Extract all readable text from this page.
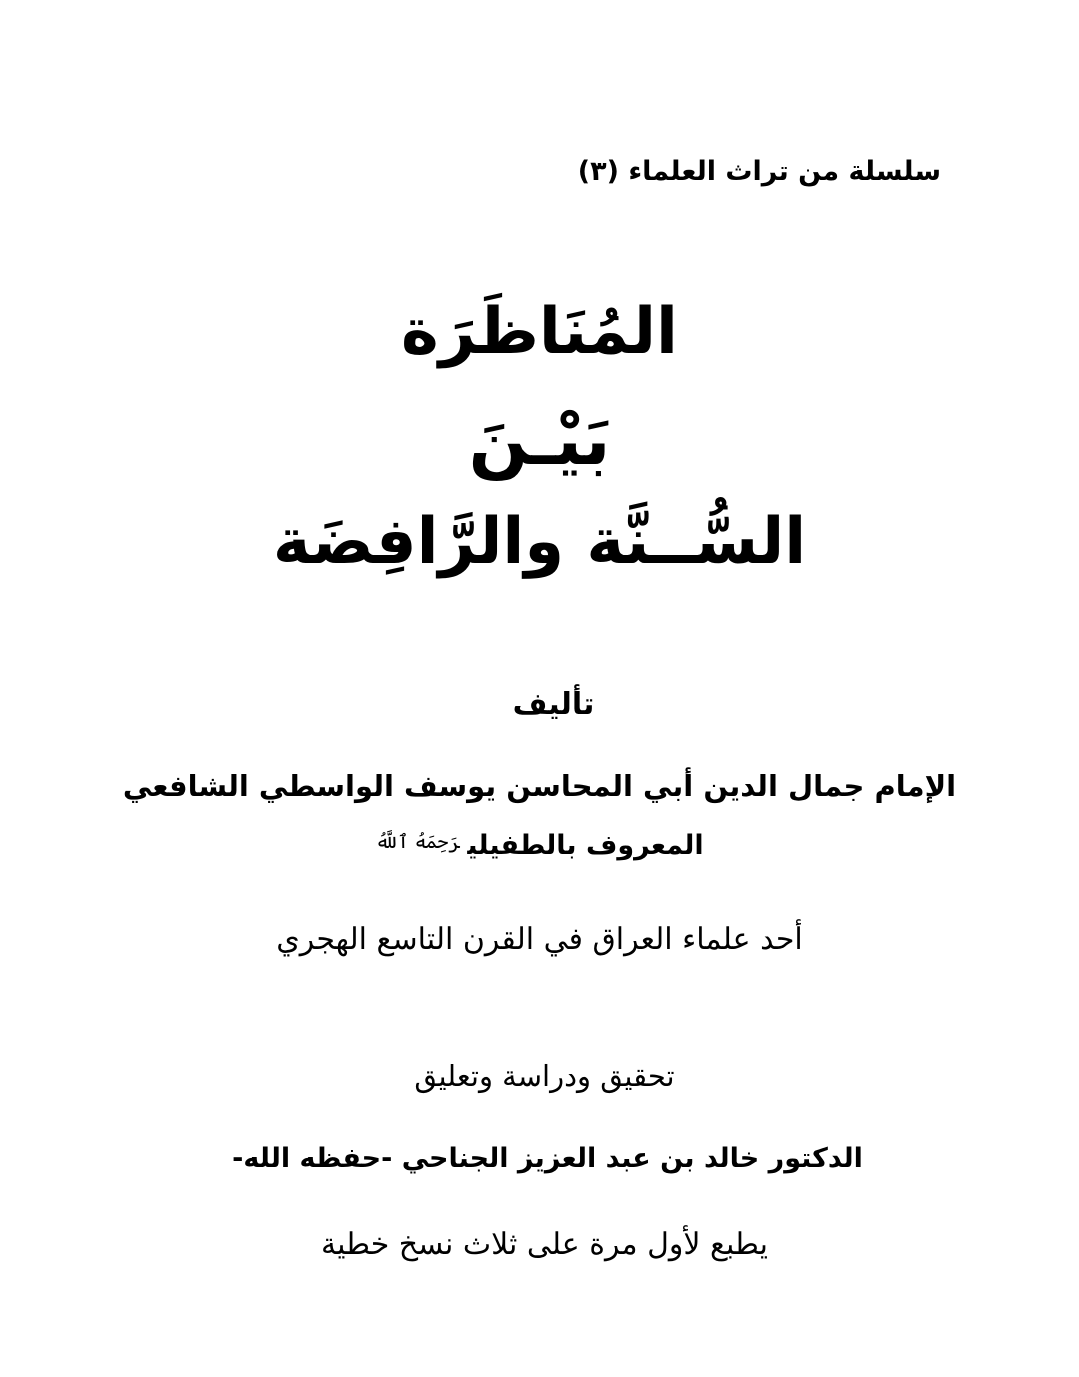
سلسلة من تراث العلماء (٣)
المُنَاظَرَة
بَيْـنَ
السُّــنَّة والرَّافِضَة
تأليف
الإمام جمال الدين أبي المحاسن يوسف الواسطي الشافعي
المعروف بالطفيلي$^{رَحِمَهُ ٱللَّهُ}$
أحد علماء العراق في القرن التاسع الهجري
تحقيق ودراسة وتعليق
الدكتور خالد بن عبد العزيز الجناحي -حفظه الله-
يطبع لأول مرة على ثلاث نسخ خطية
